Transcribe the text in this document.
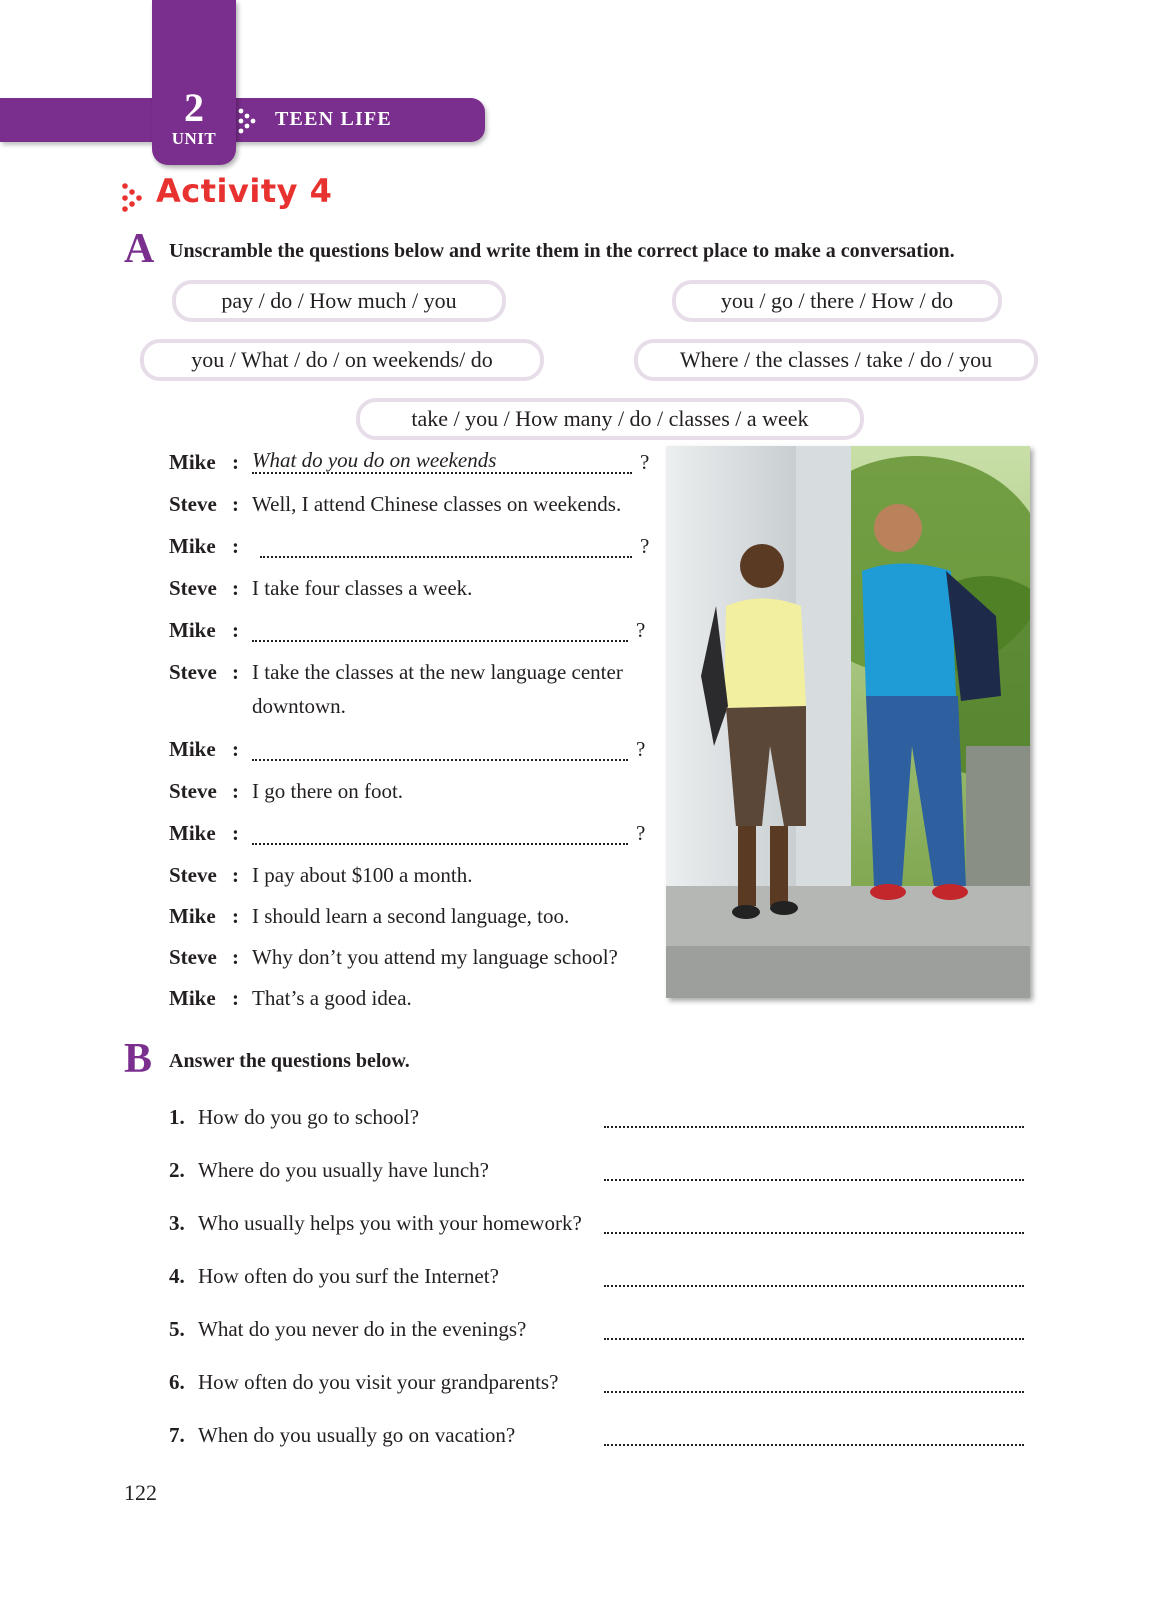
2
UNIT
TEEN LIFE
Activity 4
A Unscramble the questions below and write them in the correct place to make a conversation.
pay / do / How much / you	you / go / there / How / do
you / What / do / on weekends/ do	Where / the classes / take / do / you
take / you / How many / do / classes / a week
Mike : What do you do on weekends	?
Steve : Well, I attend Chinese classes on weekends.
Mike :	?
Steve : I take four classes a week.
Mike :	?
Steve : I take the classes at the new language center
downtown.
Mike :	?
Steve : I go there on foot.
Mike :	?
Steve : I pay about $100 a month.
Mike : I should learn a second language, too.
Steve : Why don’t you attend my language school?
Mike : That’s a good idea.
B Answer the questions below.
1. How do you go to school?
2. Where do you usually have lunch?
3. Who usually helps you with your homework?
4. How often do you surf the Internet?
5. What do you never do in the evenings?
6. How often do you visit your grandparents?
7. When do you usually go on vacation?
122
